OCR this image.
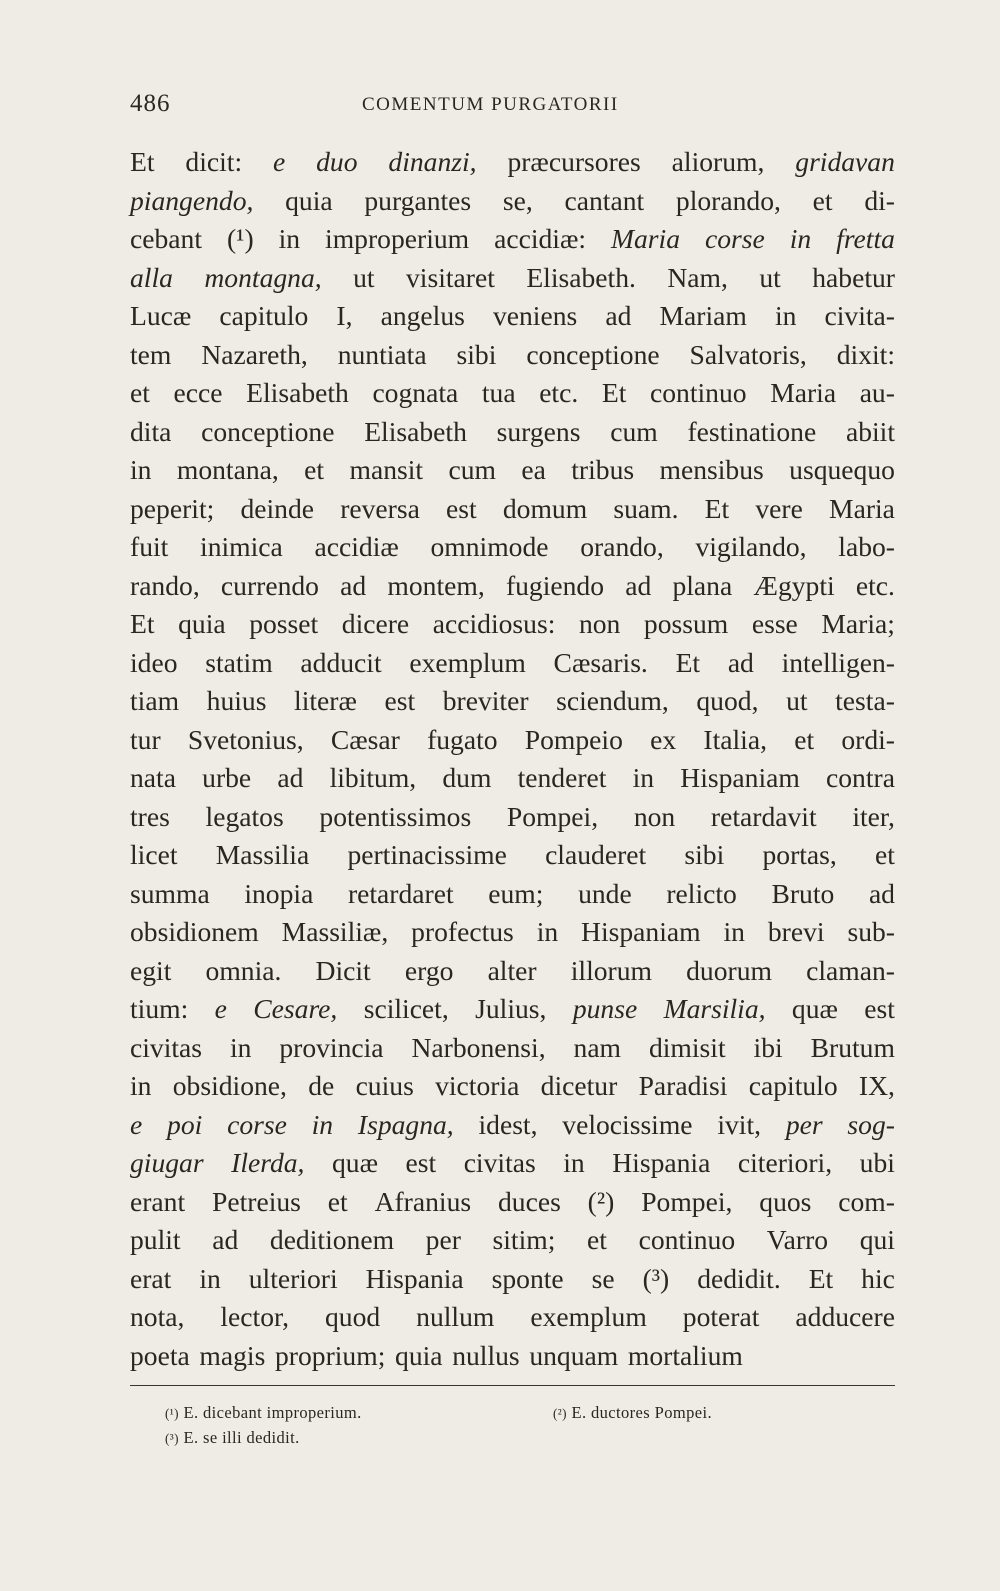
486	COMENTUM PURGATORII
Et dicit: e duo dinanzi, præcursores aliorum, gridavan
piangendo, quia purgantes se, cantant plorando, et di-
cebant (¹) in improperium accidiæ: Maria corse in fretta
alla montagna, ut visitaret Elisabeth. Nam, ut habetur
Lucæ capitulo I, angelus veniens ad Mariam in civita-
tem Nazareth, nuntiata sibi conceptione Salvatoris, dixit:
et ecce Elisabeth cognata tua etc. Et continuo Maria au-
dita conceptione Elisabeth surgens cum festinatione abiit
in montana, et mansit cum ea tribus mensibus usquequo
peperit; deinde reversa est domum suam. Et vere Maria
fuit inimica accidiæ omnimode orando, vigilando, labo-
rando, currendo ad montem, fugiendo ad plana Ægypti etc.
Et quia posset dicere accidiosus: non possum esse Maria;
ideo statim adducit exemplum Cæsaris. Et ad intelligen-
tiam huius literæ est breviter sciendum, quod, ut testa-
tur Svetonius, Cæsar fugato Pompeio ex Italia, et ordi-
nata urbe ad libitum, dum tenderet in Hispaniam contra
tres legatos potentissimos Pompei, non retardavit iter,
licet Massilia pertinacissime clauderet sibi portas, et
summa inopia retardaret eum; unde relicto Bruto ad
obsidionem Massiliæ, profectus in Hispaniam in brevi sub-
egit omnia. Dicit ergo alter illorum duorum claman-
tium: e Cesare, scilicet, Julius, punse Marsilia, quæ est
civitas in provincia Narbonensi, nam dimisit ibi Brutum
in obsidione, de cuius victoria dicetur Paradisi capitulo IX,
e poi corse in Ispagna, idest, velocissime ivit, per sog-
giugar Ilerda, quæ est civitas in Hispania citeriori, ubi
erant Petreius et Afranius duces (²) Pompei, quos com-
pulit ad deditionem per sitim; et continuo Varro qui
erat in ulteriori Hispania sponte se (³) dedidit. Et hic
nota, lector, quod nullum exemplum poterat adducere
poeta magis proprium; quia nullus unquam mortalium
(¹) E. dicebant improperium.	(²) E. ductores Pompei.
(³) E. se illi dedidit.
